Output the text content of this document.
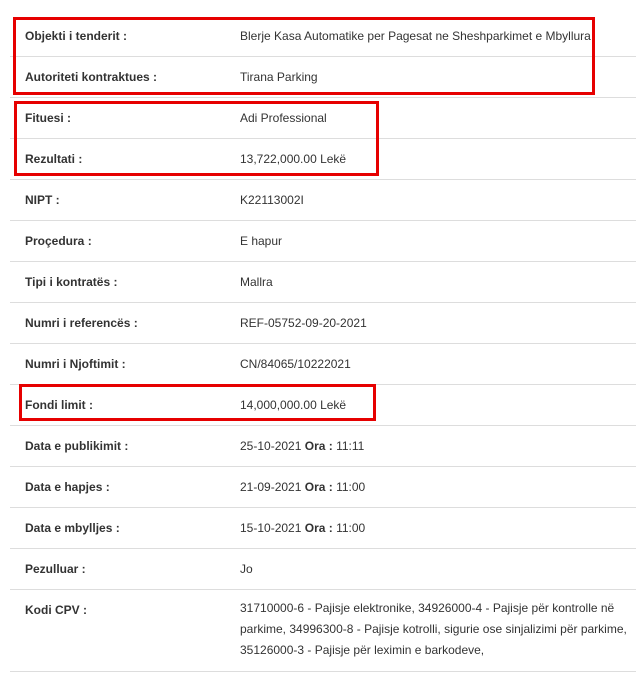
Objekti i tenderit :	Blerje Kasa Automatike per Pagesat ne Sheshparkimet e Mbyllura
Autoriteti kontraktues :	Tirana Parking
Fituesi :	Adi Professional
Rezultati :	13,722,000.00 Lekë
NIPT :	K22113002I
Proçedura :	E hapur
Tipi i kontratës :	Mallra
Numri i referencës :	REF-05752-09-20-2021
Numri i Njoftimit :	CN/84065/10222021
Fondi limit :	14,000,000.00 Lekë
Data e publikimit :	25-10-2021 Ora : 11:11
Data e hapjes :	21-09-2021 Ora : 11:00
Data e mbylljes :	15-10-2021 Ora : 11:00
Pezulluar :	Jo
Kodi CPV :	31710000-6 - Pajisje elektronike, 34926000-4 - Pajisje për kontrolle në parkime, 34996300-8 - Pajisje kotrolli, sigurie ose sinjalizimi për parkime, 35126000-3 - Pajisje për leximin e barkodeve,
